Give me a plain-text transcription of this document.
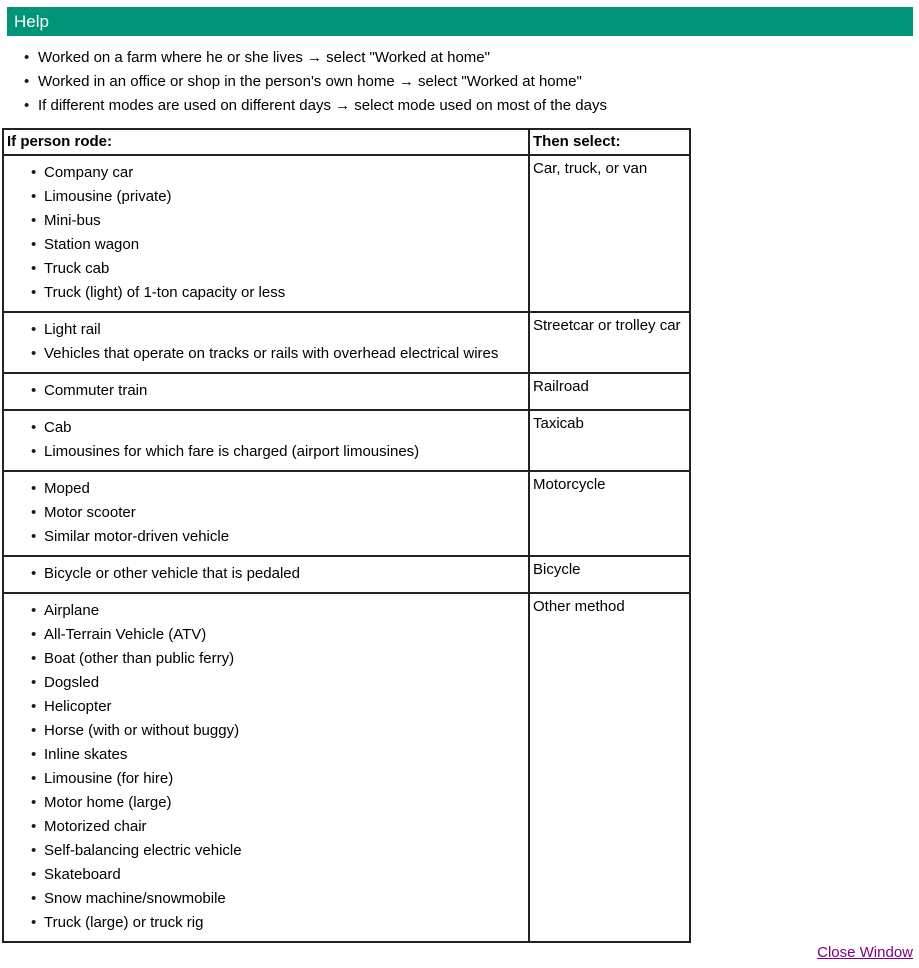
Help
• Worked on a farm where he or she lives → select "Worked at home"
• Worked in an office or shop in the person's own home → select "Worked at home"
• If different modes are used on different days → select mode used on most of the days
If person rode:	Then select:

• Company car
• Limousine (private)
• Mini-bus
• Station wagon
• Truck cab
• Truck (light) of 1-ton capacity or less
	Car, truck, or van

• Light rail
• Vehicles that operate on tracks or rails with overhead electrical wires
	Streetcar or trolley car

• Commuter train	Railroad

• Cab
• Limousines for which fare is charged (airport limousines)
	Taxicab

• Moped
• Motor scooter
• Similar motor-driven vehicle
	Motorcycle

• Bicycle or other vehicle that is pedaled	Bicycle

• Airplane
• All-Terrain Vehicle (ATV)
• Boat (other than public ferry)
• Dogsled
• Helicopter
• Horse (with or without buggy)
• Inline skates
• Limousine (for hire)
• Motor home (large)
• Motorized chair
• Self-balancing electric vehicle
• Skateboard
• Snow machine/snowmobile
• Truck (large) or truck rig
	Other method
Close Window
